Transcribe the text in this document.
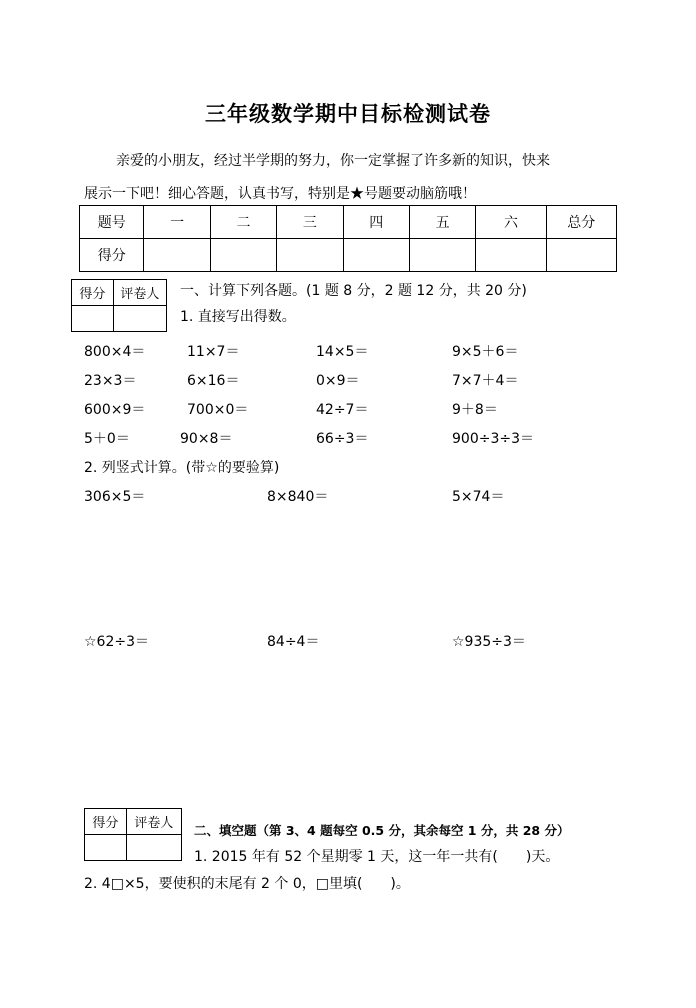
三年级数学期中目标检测试卷
亲爱的小朋友，经过半学期的努力，你一定掌握了许多新的知识，快来
展示一下吧！细心答题，认真书写，特别是★号题要动脑筋哦！
题号	一	二	三	四	五	六	总分
得分							
得分	评卷人
	一、计算下列各题。(1 题 8 分，2 题 12 分，共 20 分)
1. 直接写出得数。
800×4＝	11×7＝	14×5＝	9×5＋6＝
23×3＝	6×16＝	0×9＝	7×7＋4＝
600×9＝	700×0＝	42÷7＝	9＋8＝
5＋0＝	90×8＝	66÷3＝	900÷3÷3＝
2. 列竖式计算。(带☆的要验算)
306×5＝	8×840＝	5×74＝
☆62÷3＝	84÷4＝	☆935÷3＝
得分	评卷人
	二、填空题（第 3、4 题每空 0.5 分，其余每空 1 分，共 28 分）
1. 2015 年有 52 个星期零 1 天，这一年一共有(　　)天。
2. 4□×5，要使积的末尾有 2 个 0，□里填(　　)。
